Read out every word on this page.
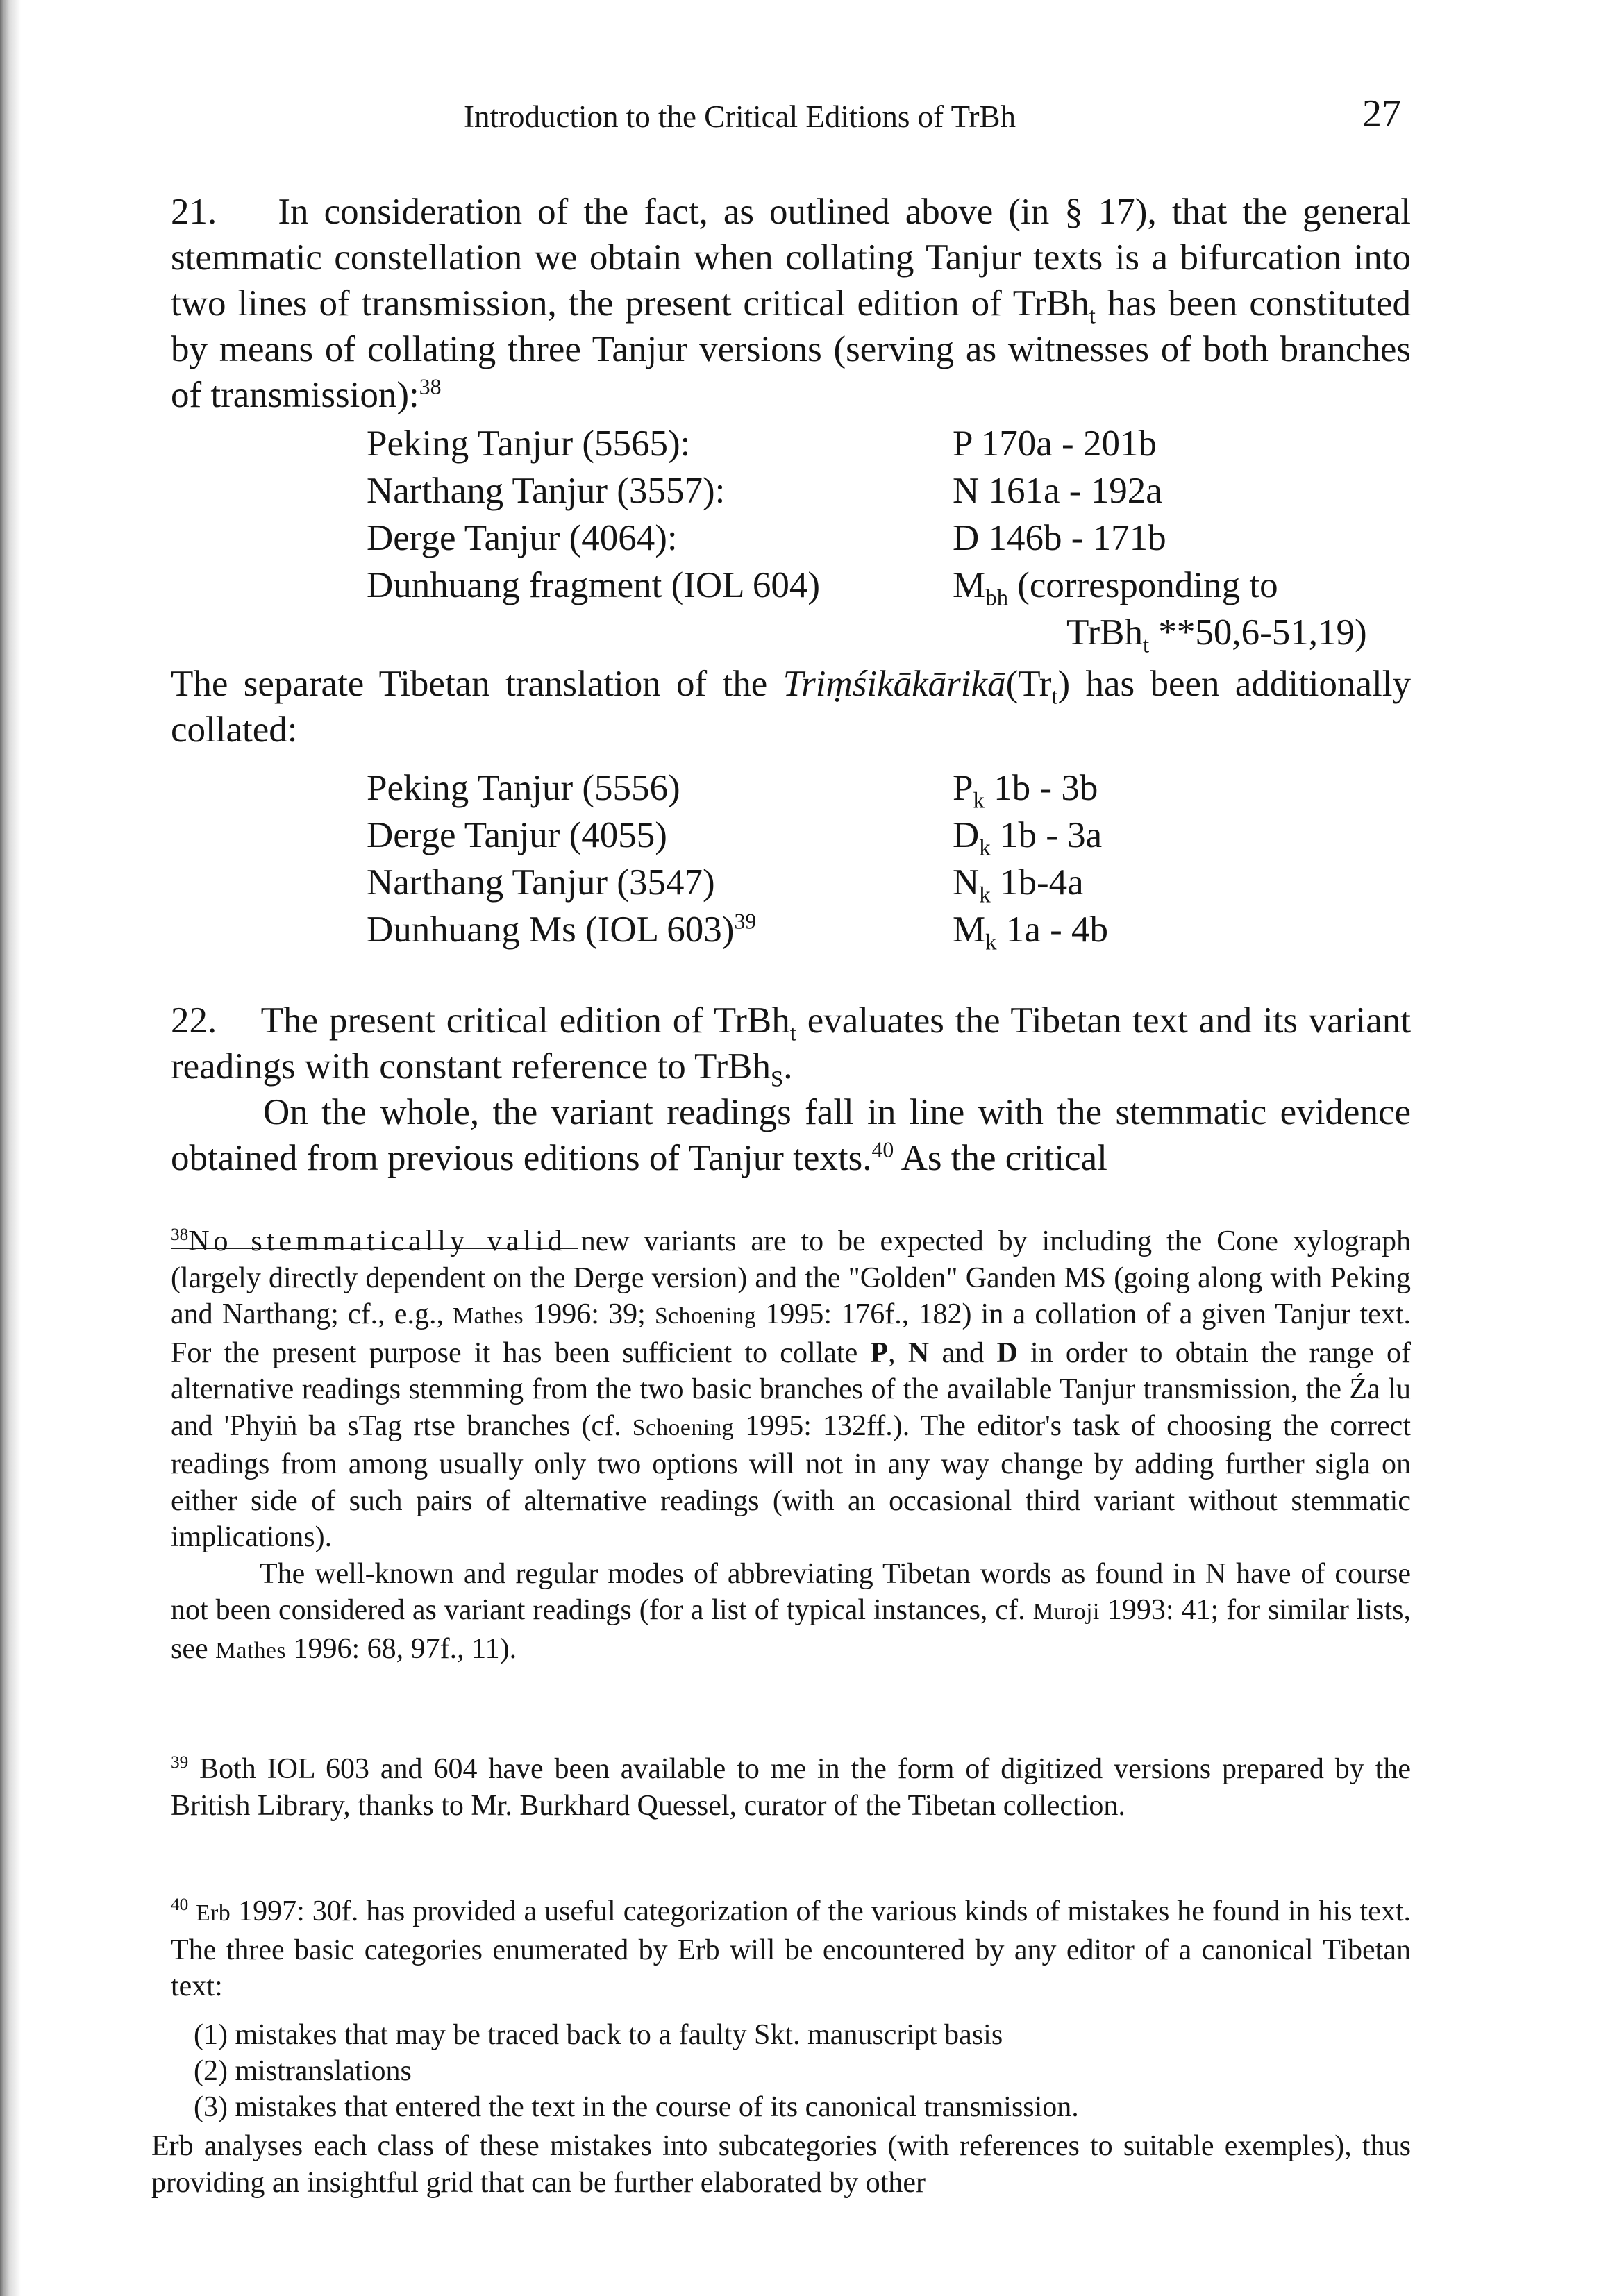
Introduction to the Critical Editions of TrBh	27

21. In consideration of the fact, as outlined above (in § 17), that the general stemmatic constellation we obtain when collating Tanjur texts is a bifurcation into two lines of transmission, the present critical edition of TrBh$_t$ has been constituted by means of collating three Tanjur versions (serving as witnesses of both branches of transmission):$^{38}$

Peking Tanjur (5565):	P 170a - 201b
Narthang Tanjur (3557):	N 161a - 192a
Derge Tanjur (4064):	D 146b - 171b
Dunhuang fragment (IOL 604)	$M_{bh}$ (corresponding to
TrBh$_t$ **50,6-51,19)

The separate Tibetan translation of the $Triṃśikākārikā(Tr_t)$ has been additionally collated:

Peking Tanjur (5556)	$P_k$ 1b - 3b
Derge Tanjur (4055)	$D_k$ 1b - 3a
Narthang Tanjur (3547)	$N_k$ 1b-4a
Dunhuang Ms (IOL 603)$^{39}$	$M_k$ 1a - 4b

22. The present critical edition of TrBh$_t$ evaluates the Tibetan text and its variant readings with constant reference to TrBh$_S$.

On the whole, the variant readings fall in line with the stemmatic evidence obtained from previous editions of Tanjur texts.$^{40}$ As the critical

$^{38}$No stemmatically valid new variants are to be expected by including the Cone xylograph (largely directly dependent on the Derge version) and the "Golden" Ganden MS (going along with Peking and Narthang; cf., e.g., Mathes 1996: 39; Schoening 1995: 176f., 182) in a collation of a given Tanjur text. For the present purpose it has been sufficient to collate P, N and D in order to obtain the range of alternative readings stemming from the two basic branches of the available Tanjur transmission, the Źa lu and 'Phyiṅ ba sTag rtse branches (cf. Schoening 1995: 132ff.). The editor's task of choosing the correct readings from among usually only two options will not in any way change by adding further sigla on either side of such pairs of alternative readings (with an occasional third variant without stemmatic implications).

The well-known and regular modes of abbreviating Tibetan words as found in N have of course not been considered as variant readings (for a list of typical instances, cf. Muroji 1993: 41; for similar lists, see Mathes 1996: 68, 97f., 11).

$^{39}$ Both IOL 603 and 604 have been available to me in the form of digitized versions prepared by the British Library, thanks to Mr. Burkhard Quessel, curator of the Tibetan collection.

$^{40}$ Erb 1997: 30f. has provided a useful categorization of the various kinds of mistakes he found in his text. The three basic categories enumerated by Erb will be encountered by any editor of a canonical Tibetan text:

(1) mistakes that may be traced back to a faulty Skt. manuscript basis
(2) mistranslations
(3) mistakes that entered the text in the course of its canonical transmission.

Erb analyses each class of these mistakes into subcategories (with references to suitable exemples), thus providing an insightful grid that can be further elaborated by other
